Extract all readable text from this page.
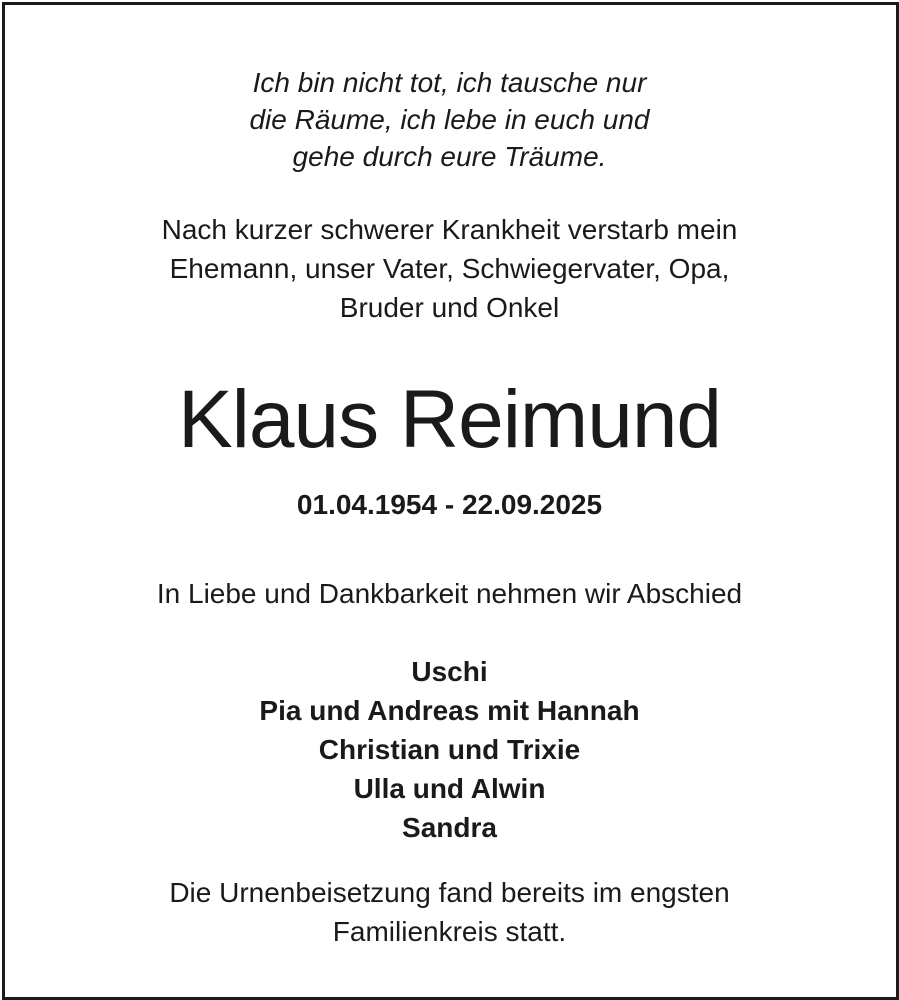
Ich bin nicht tot, ich tausche nur
die Räume, ich lebe in euch und
gehe durch eure Träume.
Nach kurzer schwerer Krankheit verstarb mein
Ehemann, unser Vater, Schwiegervater, Opa,
Bruder und Onkel
Klaus Reimund
01.04.1954 - 22.09.2025
In Liebe und Dankbarkeit nehmen wir Abschied
Uschi
Pia und Andreas mit Hannah
Christian und Trixie
Ulla und Alwin
Sandra
Die Urnenbeisetzung fand bereits im engsten
Familienkreis statt.
